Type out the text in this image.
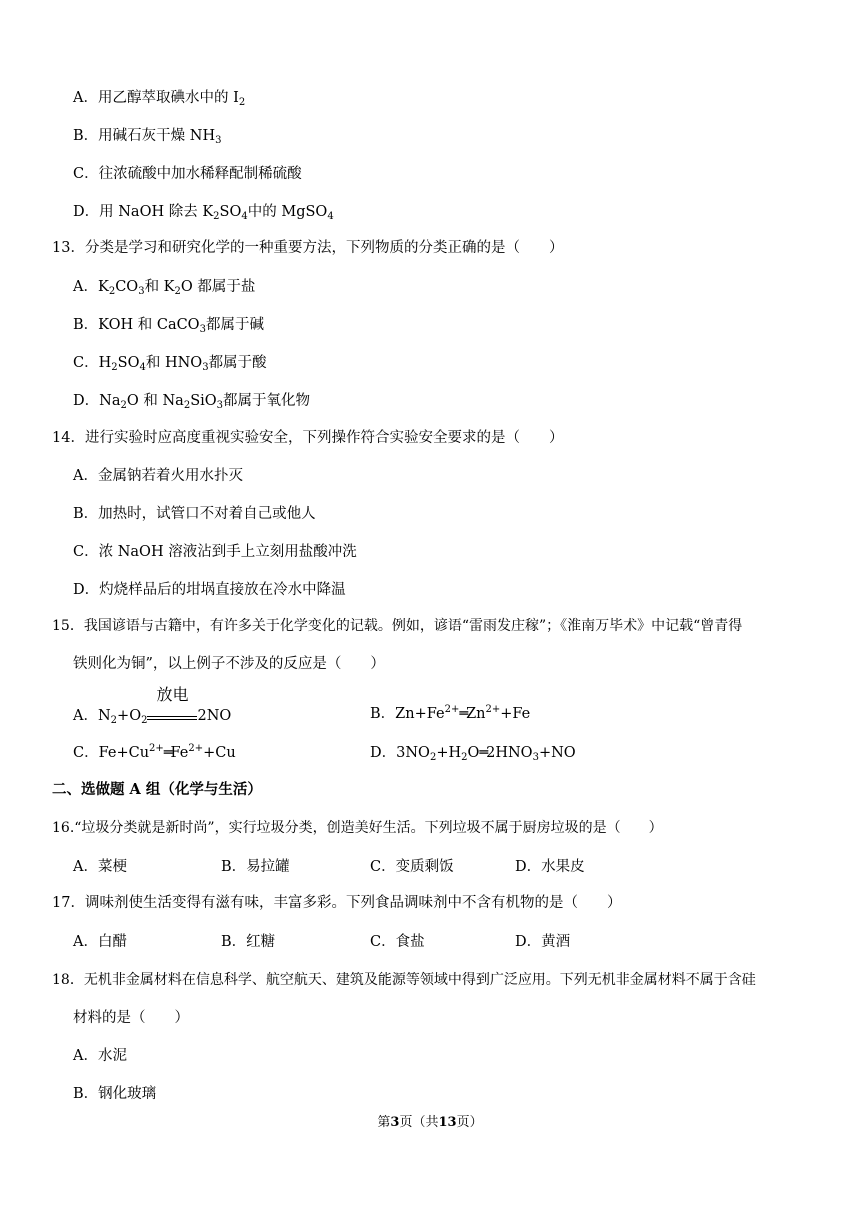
A．用乙醇萃取碘水中的 $I_2$
B．用碱石灰干燥 $NH_3$
C．往浓硫酸中加水稀释配制稀硫酸
D．用 NaOH 除去 $K_2SO_4$中的 MgSO$_4$
13．分类是学习和研究化学的一种重要方法，下列物质的分类正确的是（　　）
A．$K_2CO_3$和 $K_2O$ 都属于盐
B．KOH 和 CaCO$_3$都属于碱
C．$H_2SO_4$和 $HNO_3$都属于酸
D．$Na_2O$ 和 $Na_2SiO_3$都属于氧化物
14．进行实验时应高度重视实验安全，下列操作符合实验安全要求的是（　　）
A．金属钠若着火用水扑灭
B．加热时，试管口不对着自己或他人
C．浓 NaOH 溶液沾到手上立刻用盐酸冲洗
D．灼烧样品后的坩埚直接放在冷水中降温
15．我国谚语与古籍中，有许多关于化学变化的记载。例如，谚语“雷雨发庄稼”；《淮南万毕术》中记载“曾青得
铁则化为铜”，以上例子不涉及的反应是（　　）
A．$N_2+O_2$
放电
2NO	B．$Zn+Fe^{2+}═Zn^{2+}+Fe$
C．$Fe+Cu^{2+}═Fe^{2+}+Cu$	D．$3NO_2+H_2O═2HNO_3+NO$
二、选做题 A 组（化学与生活）
16.“垃圾分类就是新时尚”，实行垃圾分类，创造美好生活。下列垃圾不属于厨房垃圾的是（　　）
A．菜梗	B．易拉罐	C．变质剩饭	D．水果皮
17．调味剂使生活变得有滋有味，丰富多彩。下列食品调味剂中不含有机物的是（　　）
A．白醋	B．红糖	C．食盐	D．黄酒
18．无机非金属材料在信息科学、航空航天、建筑及能源等领域中得到广泛应用。下列无机非金属材料不属于含硅
材料的是（　　）
A．水泥
B．钢化玻璃
第3页（共13页）
